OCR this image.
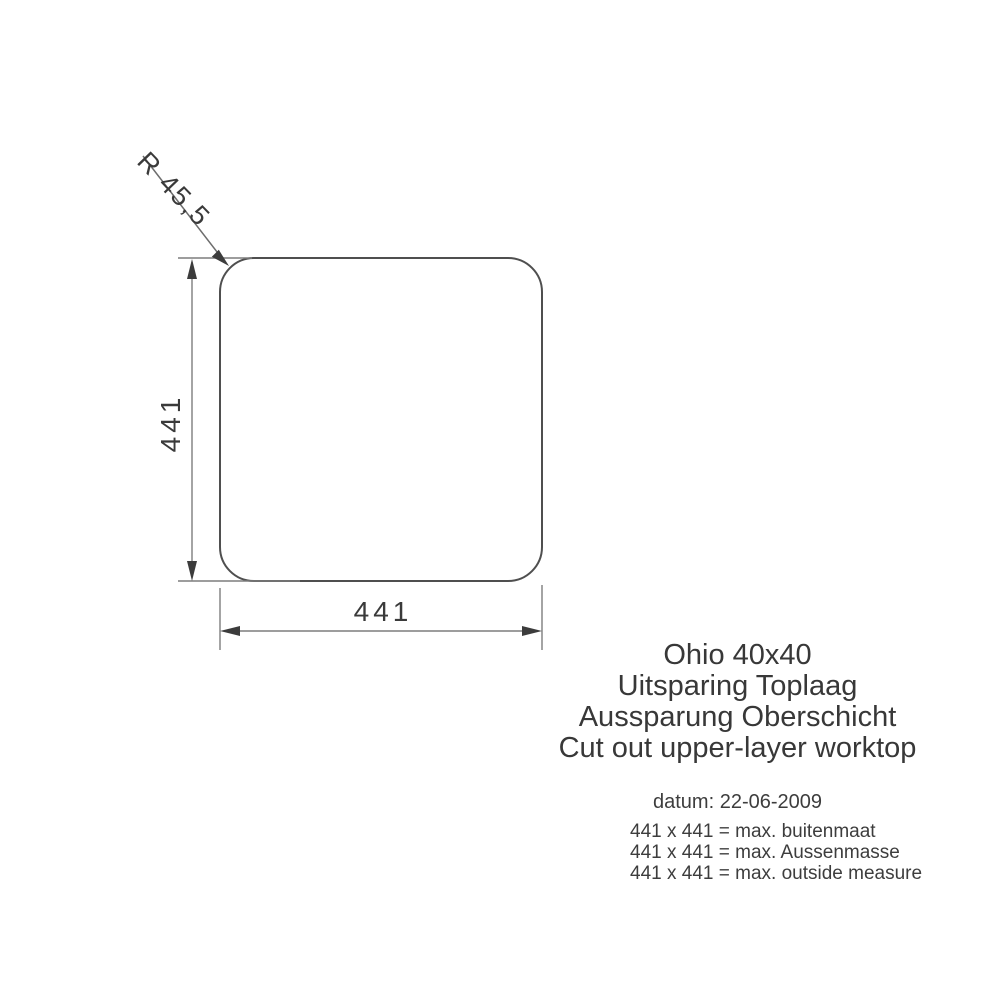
R 45,5
441
441
Ohio 40x40
Uitsparing Toplaag
Aussparung Oberschicht
Cut out upper-layer worktop
datum: 22-06-2009
441 x 441 = max. buitenmaat
441 x 441 = max. Aussenmasse
441 x 441 = max. outside measure
